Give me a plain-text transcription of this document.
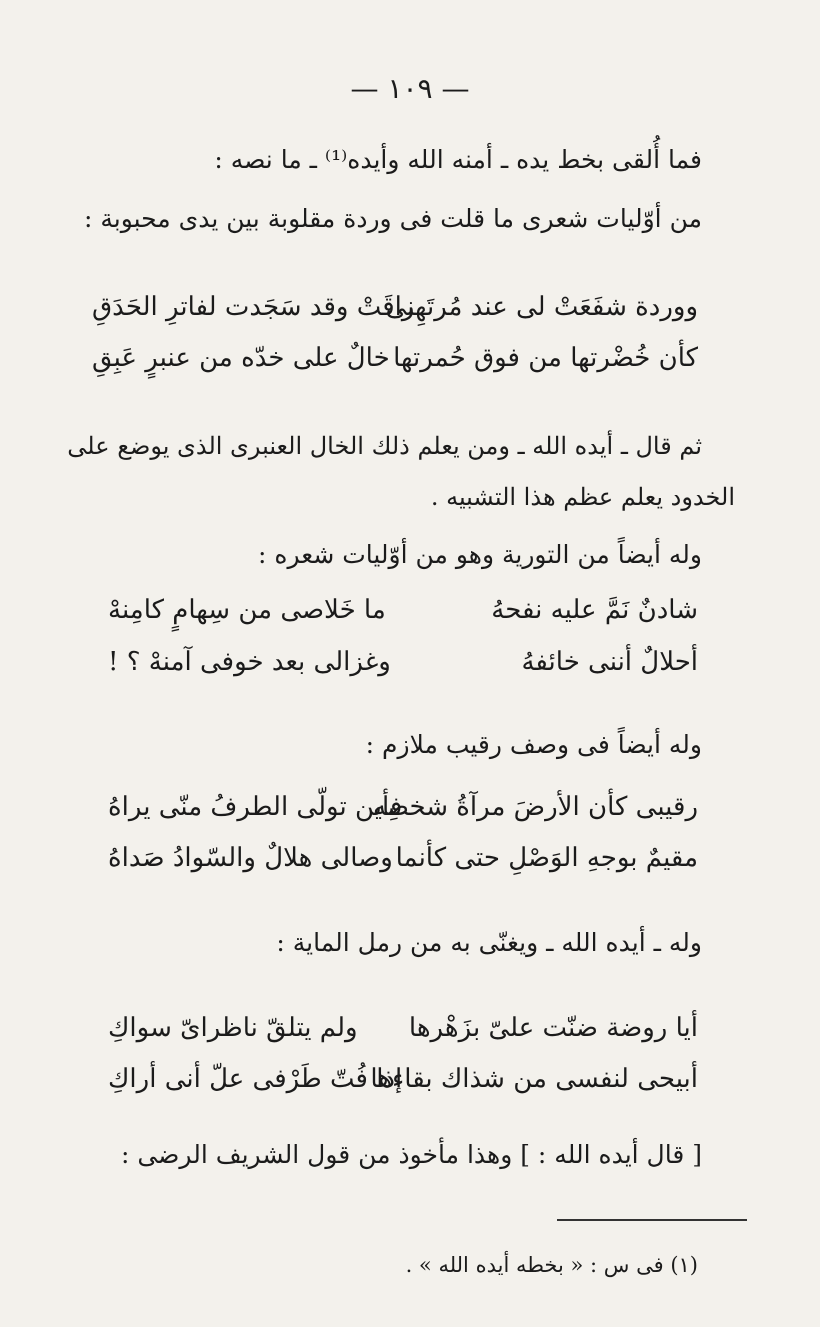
— ١٠٩ —
فما أُلقى بخط يده ـ أمنه الله وأيده⁽¹⁾ ـ ما نصه :
من أوّليات شعرى ما قلت فى وردة مقلوبة بين يدى محبوبة :
ووردة شفَعَتْ لى عند مُرتَهِنى
راقَتْ وقد سَجَدت لفاترِ الحَدَقِ
كأن خُضْرتها من فوق حُمرتها
خالٌ على خدّه من عنبرٍ عَبِقِ
ثم قال ـ أيده الله ـ ومن يعلم ذلك الخال العنبرى الذى يوضع على
الخدود يعلم عظم هذا التشبيه .
وله أيضاً من التورية وهو من أوّليات شعره :
شادنٌ نَمَّ عليه نفحهُ
ما خَلاصى من سِهامٍ كامِنهْ
أحلالٌ أننى خائفهُ
وغزالى بعد خوفى آمنهْ ؟ !
وله أيضاً فى وصف رقيب ملازم :
رقيبى كأن الأرضَ مرآةُ شخصِه
فأين تولّى الطرفُ منّى يراهُ
مقيمٌ بوجهِ الوَصْلِ حتى كأنما
وصالى هلالٌ والسّوادُ صَداهُ
وله ـ أيده الله ـ ويغنّى به من رمل الماية :
أيا روضة ضنّت علىّ بزَهْرها
ولم يتلقّ ناظراىّ سواكِ
أبيحى لنفسى من شذاك بقاءها
إذا فُتّ طَرْفى علّ أنى أراكِ
[ قال أيده الله : ] وهذا مأخوذ من قول الشريف الرضى :
(١) فى س : « بخطه أيده الله » .
